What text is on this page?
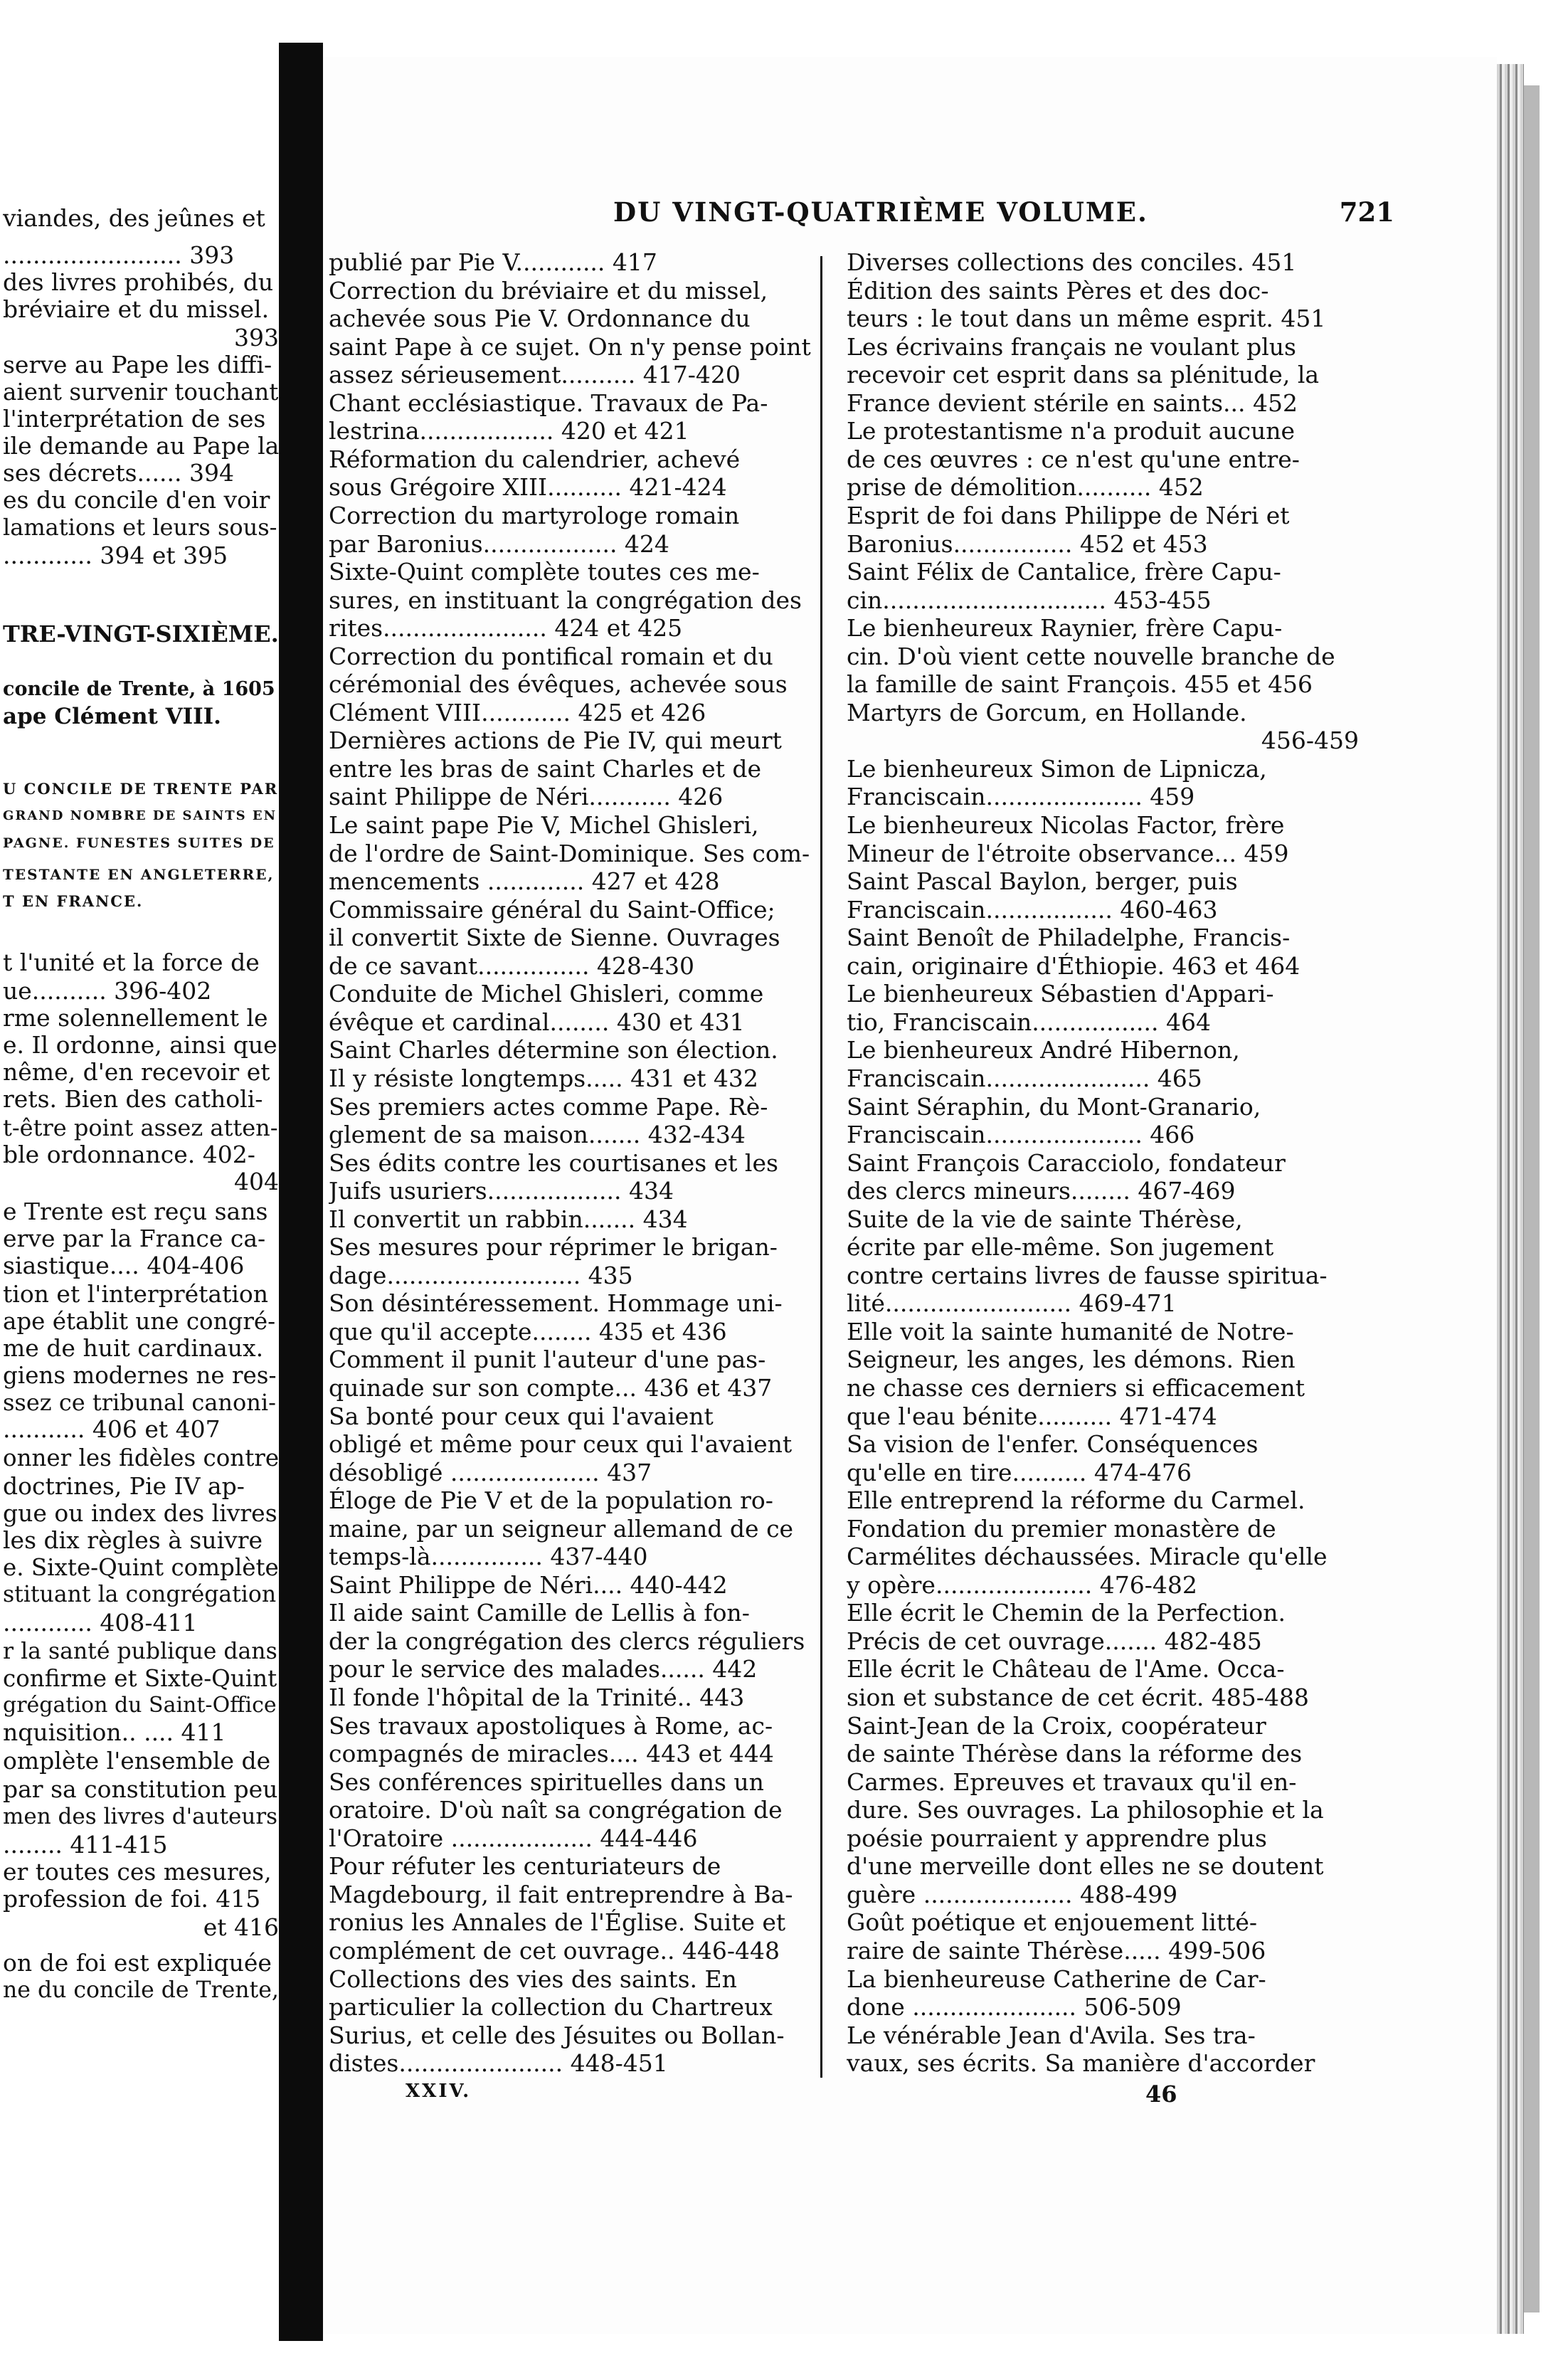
viandes, des jeûnes et
........................ 393
des livres prohibés, du
bréviaire et du missel.
393
serve au Pape les diffi-
aient survenir touchant
l'interprétation de ses
ile demande au Pape la
ses décrets...... 394
es du concile d'en voir
lamations et leurs sous-
............ 394 et 395
TRE-VINGT-SIXIÈME.
concile de Trente, à 1605
ape Clément VIII.
U CONCILE DE TRENTE PAR
GRAND NOMBRE DE SAINTS EN
PAGNE. FUNESTES SUITES DE
TESTANTE EN ANGLETERRE,
T EN FRANCE.
t l'unité et la force de
ue.......... 396-402
rme solennellement le
e. Il ordonne, ainsi que
nême, d'en recevoir et
rets. Bien des catholi-
t-être point assez atten-
ble ordonnance. 402-
404
e Trente est reçu sans
erve par la France ca-
siastique.... 404-406
tion et l'interprétation
ape établit une congré-
me de huit cardinaux.
giens modernes ne res-
ssez ce tribunal canoni-
........... 406 et 407
onner les fidèles contre
doctrines, Pie IV ap-
gue ou index des livres
les dix règles à suivre
e. Sixte-Quint complète
stituant la congrégation
............ 408-411
r la santé publique dans
confirme et Sixte-Quint
grégation du Saint-Office
nquisition.. .... 411
omplète l'ensemble de
par sa constitution peu
men des livres d'auteurs
........ 411-415
er toutes ces mesures,
profession de foi. 415
et 416
on de foi est expliquée
ne du concile de Trente,
DU VINGT-QUATRIÈME VOLUME.	721
publié par Pie V............ 417
Correction du bréviaire et du missel,
achevée sous Pie V. Ordonnance du
saint Pape à ce sujet. On n'y pense point
assez sérieusement.......... 417-420
Chant ecclésiastique. Travaux de Pa-
lestrina.................. 420 et 421
Réformation du calendrier, achevé
sous Grégoire XIII.......... 421-424
Correction du martyrologe romain
par Baronius.................. 424
Sixte-Quint complète toutes ces me-
sures, en instituant la congrégation des
rites...................... 424 et 425
Correction du pontifical romain et du
cérémonial des évêques, achevée sous
Clément VIII............ 425 et 426
Dernières actions de Pie IV, qui meurt
entre les bras de saint Charles et de
saint Philippe de Néri........... 426
Le saint pape Pie V, Michel Ghisleri,
de l'ordre de Saint-Dominique. Ses com-
mencements ............. 427 et 428
Commissaire général du Saint-Office;
il convertit Sixte de Sienne. Ouvrages
de ce savant............... 428-430
Conduite de Michel Ghisleri, comme
évêque et cardinal........ 430 et 431
Saint Charles détermine son élection.
Il y résiste longtemps..... 431 et 432
Ses premiers actes comme Pape. Rè-
glement de sa maison....... 432-434
Ses édits contre les courtisanes et les
Juifs usuriers.................. 434
Il convertit un rabbin....... 434
Ses mesures pour réprimer le brigan-
dage.......................... 435
Son désintéressement. Hommage uni-
que qu'il accepte........ 435 et 436
Comment il punit l'auteur d'une pas-
quinade sur son compte... 436 et 437
Sa bonté pour ceux qui l'avaient
obligé et même pour ceux qui l'avaient
désobligé .................... 437
Éloge de Pie V et de la population ro-
maine, par un seigneur allemand de ce
temps-là............... 437-440
Saint Philippe de Néri.... 440-442
Il aide saint Camille de Lellis à fon-
der la congrégation des clercs réguliers
pour le service des malades...... 442
Il fonde l'hôpital de la Trinité.. 443
Ses travaux apostoliques à Rome, ac-
compagnés de miracles.... 443 et 444
Ses conférences spirituelles dans un
oratoire. D'où naît sa congrégation de
l'Oratoire ................... 444-446
Pour réfuter les centuriateurs de
Magdebourg, il fait entreprendre à Ba-
ronius les Annales de l'Église. Suite et
complément de cet ouvrage.. 446-448
Collections des vies des saints. En
particulier la collection du Chartreux
Surius, et celle des Jésuites ou Bollan-
distes...................... 448-451
Diverses collections des conciles. 451
Édition des saints Pères et des doc-
teurs : le tout dans un même esprit. 451
Les écrivains français ne voulant plus
recevoir cet esprit dans sa plénitude, la
France devient stérile en saints... 452
Le protestantisme n'a produit aucune
de ces œuvres : ce n'est qu'une entre-
prise de démolition.......... 452
Esprit de foi dans Philippe de Néri et
Baronius................ 452 et 453
Saint Félix de Cantalice, frère Capu-
cin.............................. 453-455
Le bienheureux Raynier, frère Capu-
cin. D'où vient cette nouvelle branche de
la famille de saint François. 455 et 456
Martyrs de Gorcum, en Hollande.
456-459
Le bienheureux Simon de Lipnicza,
Franciscain..................... 459
Le bienheureux Nicolas Factor, frère
Mineur de l'étroite observance... 459
Saint Pascal Baylon, berger, puis
Franciscain................. 460-463
Saint Benoît de Philadelphe, Francis-
cain, originaire d'Éthiopie. 463 et 464
Le bienheureux Sébastien d'Appari-
tio, Franciscain................. 464
Le bienheureux André Hibernon,
Franciscain...................... 465
Saint Séraphin, du Mont-Granario,
Franciscain..................... 466
Saint François Caracciolo, fondateur
des clercs mineurs........ 467-469
Suite de la vie de sainte Thérèse,
écrite par elle-même. Son jugement
contre certains livres de fausse spiritua-
lité......................... 469-471
Elle voit la sainte humanité de Notre-
Seigneur, les anges, les démons. Rien
ne chasse ces derniers si efficacement
que l'eau bénite.......... 471-474
Sa vision de l'enfer. Conséquences
qu'elle en tire.......... 474-476
Elle entreprend la réforme du Carmel.
Fondation du premier monastère de
Carmélites déchaussées. Miracle qu'elle
y opère..................... 476-482
Elle écrit le Chemin de la Perfection.
Précis de cet ouvrage....... 482-485
Elle écrit le Château de l'Ame. Occa-
sion et substance de cet écrit. 485-488
Saint-Jean de la Croix, coopérateur
de sainte Thérèse dans la réforme des
Carmes. Epreuves et travaux qu'il en-
dure. Ses ouvrages. La philosophie et la
poésie pourraient y apprendre plus
d'une merveille dont elles ne se doutent
guère .................... 488-499
Goût poétique et enjouement litté-
raire de sainte Thérèse..... 499-506
La bienheureuse Catherine de Car-
done ...................... 506-509
Le vénérable Jean d'Avila. Ses tra-
vaux, ses écrits. Sa manière d'accorder
XXIV.	46
